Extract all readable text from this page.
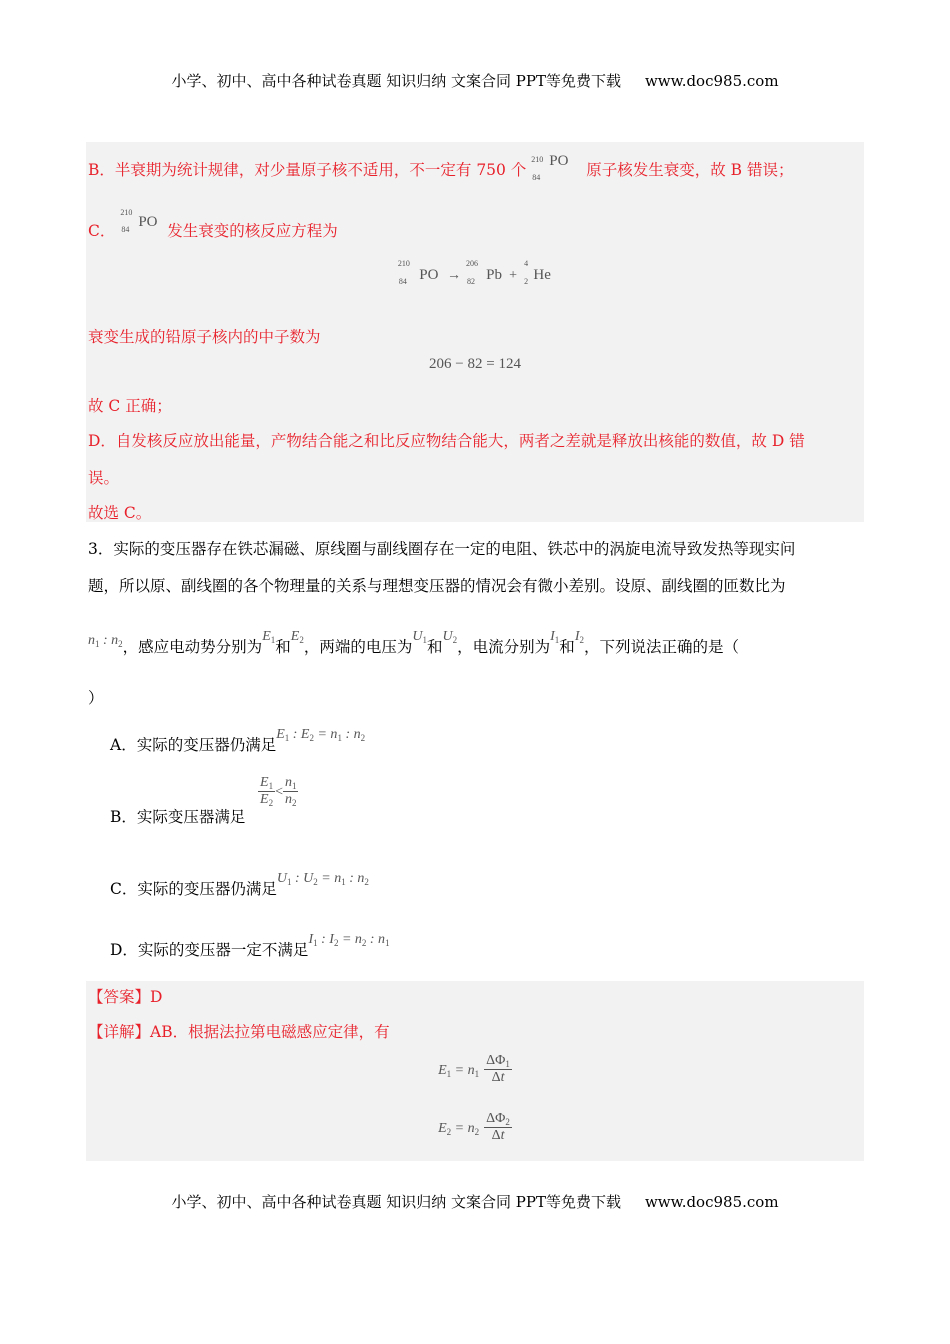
小学、初中、高中各种试卷真题 知识归纳 文案合同 PPT等免费下载 www.doc985.com
B．半衰期为统计规律，对少量原子核不适用，不一定有 750 个
210
84
PO 原子核发生衰变，故 B 错误；
C．
210
84 PO 发生衰变的核反应方程为
210
84 PO →
206
82 Pb +
4
2 He
衰变生成的铅原子核内的中子数为
206 − 82 = 124
故 C 正确；
D．自发核反应放出能量，产物结合能之和比反应物结合能大，两者之差就是释放出核能的数值，故 D 错
误。
故选 C。
3．实际的变压器存在铁芯漏磁、原线圈与副线圈存在一定的电阻、铁芯中的涡旋电流导致发热等现实问
题，所以原、副线圈的各个物理量的关系与理想变压器的情况会有微小差别。设原、副线圈的匝数比为
$n_1$ : $n_2$，感应电动势分别为$E_1$和$E_2$，两端的电压为$U_1$和$U_2$，电流分别为$I_1$和$I_2$，下列说法正确的是（
）
A．实际的变压器仍满足$E_1$ : $E_2 = n_1$ : $n_2$
B．实际变压器满足
$\frac{E_1}{E_2} < \frac{n_1}{n_2}$
C．实际的变压器仍满足$U_1$ : $U_2 = n_1$ : $n_2$
D．实际的变压器一定不满足$I_1$ : $I_2 = n_2$ : $n_1$
【答案】D
【详解】AB．根据法拉第电磁感应定律，有
$E_1 = n_1 \frac{\Delta\Phi_1}{\Delta t}$
$E_2 = n_2 \frac{\Delta\Phi_2}{\Delta t}$
小学、初中、高中各种试卷真题 知识归纳 文案合同 PPT等免费下载 www.doc985.com
